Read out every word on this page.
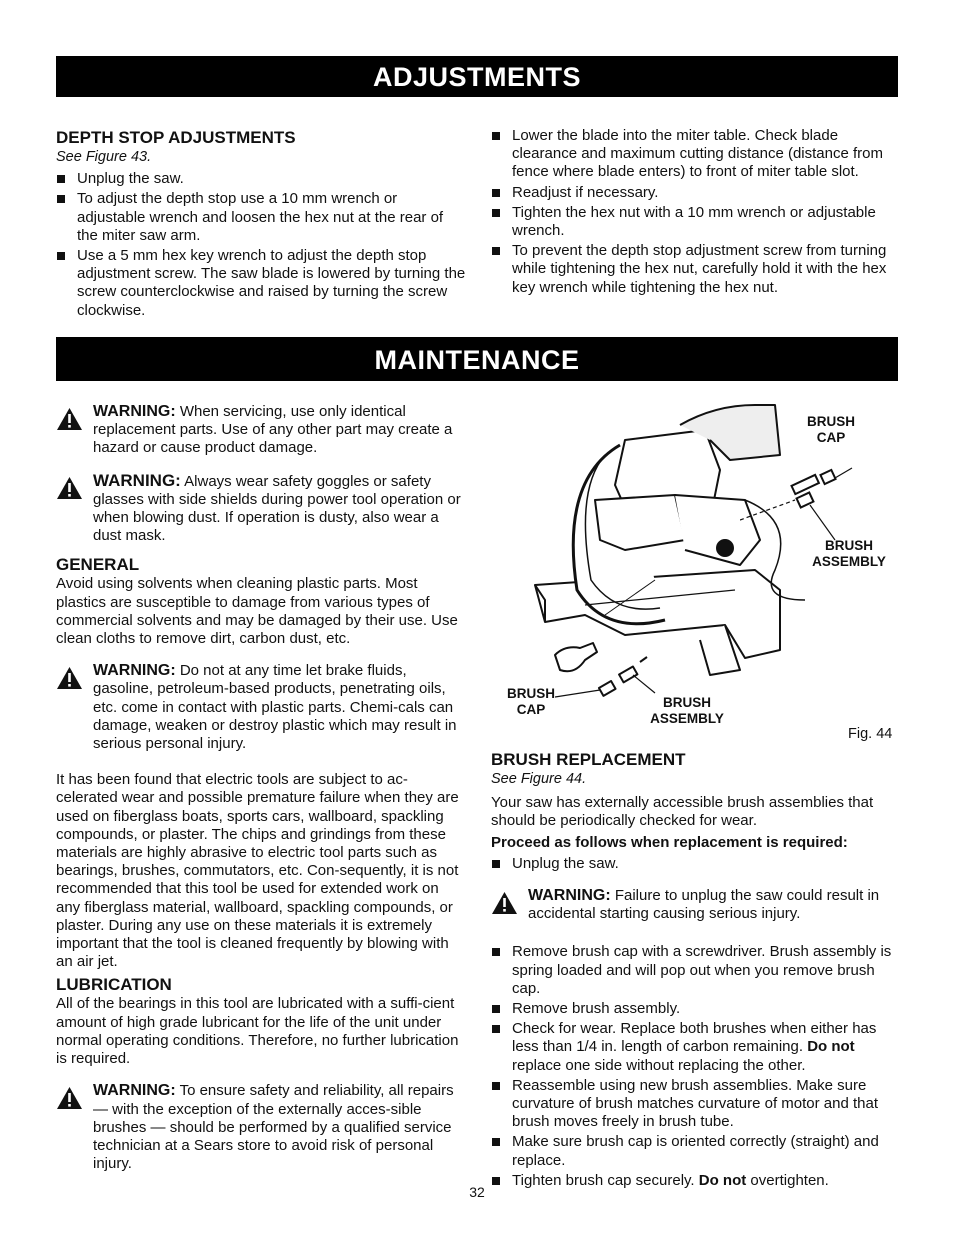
ADJUSTMENTS
DEPTH STOP ADJUSTMENTS

See Figure 43.

Unplug the saw.
To adjust the depth stop use a 10 mm wrench or adjustable wrench and loosen the hex nut at the rear of the miter saw arm.
Use a 5 mm hex key wrench to adjust the depth stop adjustment screw. The saw blade is lowered by turning the screw counterclockwise and raised by turning the screw clockwise.
Lower the blade into the miter table. Check blade clearance and maximum cutting distance (distance from fence where blade enters) to front of miter table slot.
Readjust if necessary.
Tighten the hex nut with a 10 mm wrench or adjustable wrench.
To prevent the depth stop adjustment screw from turning while tightening the hex nut, carefully hold it with the hex key wrench while tightening the hex nut.
MAINTENANCE
WARNING: When servicing, use only identical replacement parts. Use of any other part may create a hazard or cause product damage.
WARNING: Always wear safety goggles or safety glasses with side shields during power tool operation or when blowing dust. If operation is dusty, also wear a dust mask.
GENERAL

Avoid using solvents when cleaning plastic parts. Most plastics are susceptible to damage from various types of commercial solvents and may be damaged by their use. Use clean cloths to remove dirt, carbon dust, etc.

WARNING: Do not at any time let brake fluids, gasoline, petroleum-based products, penetrating oils, etc. come in contact with plastic parts. Chemi-cals can damage, weaken or destroy plastic which may result in serious personal injury.

It has been found that electric tools are subject to ac-celerated wear and possible premature failure when they are used on fiberglass boats, sports cars, wallboard, spackling compounds, or plaster. The chips and grindings from these materials are highly abrasive to electric tool parts such as bearings, brushes, commutators, etc. Con-sequently, it is not recommended that this tool be used for extended work on any fiberglass material, wallboard, spackling compounds, or plaster. During any use on these materials it is extremely important that the tool is cleaned frequently by blowing with an air jet.

LUBRICATION

All of the bearings in this tool are lubricated with a suffi-cient amount of high grade lubricant for the life of the unit under normal operating conditions. Therefore, no further lubrication is required.

WARNING: To ensure safety and reliability, all repairs — with the exception of the externally acces-sible brushes — should be performed by a qualified service technician at a Sears store to avoid risk of personal injury.
BRUSH
CAP
BRUSH
ASSEMBLY
BRUSH
CAP	BRUSH
ASSEMBLY
Fig. 44
BRUSH REPLACEMENT

See Figure 44.

Your saw has externally accessible brush assemblies that should be periodically checked for wear.

Proceed as follows when replacement is required:

Unplug the saw.
WARNING: Failure to unplug the saw could result in accidental starting causing serious injury.
Remove brush cap with a screwdriver. Brush assembly is spring loaded and will pop out when you remove brush cap.
Remove brush assembly.
Check for wear. Replace both brushes when either has less than 1/4 in. length of carbon remaining. Do not replace one side without replacing the other.
Reassemble using new brush assemblies. Make sure curvature of brush matches curvature of motor and that brush moves freely in brush tube.
Make sure brush cap is oriented correctly (straight) and replace.
Tighten brush cap securely. Do not overtighten.
32
